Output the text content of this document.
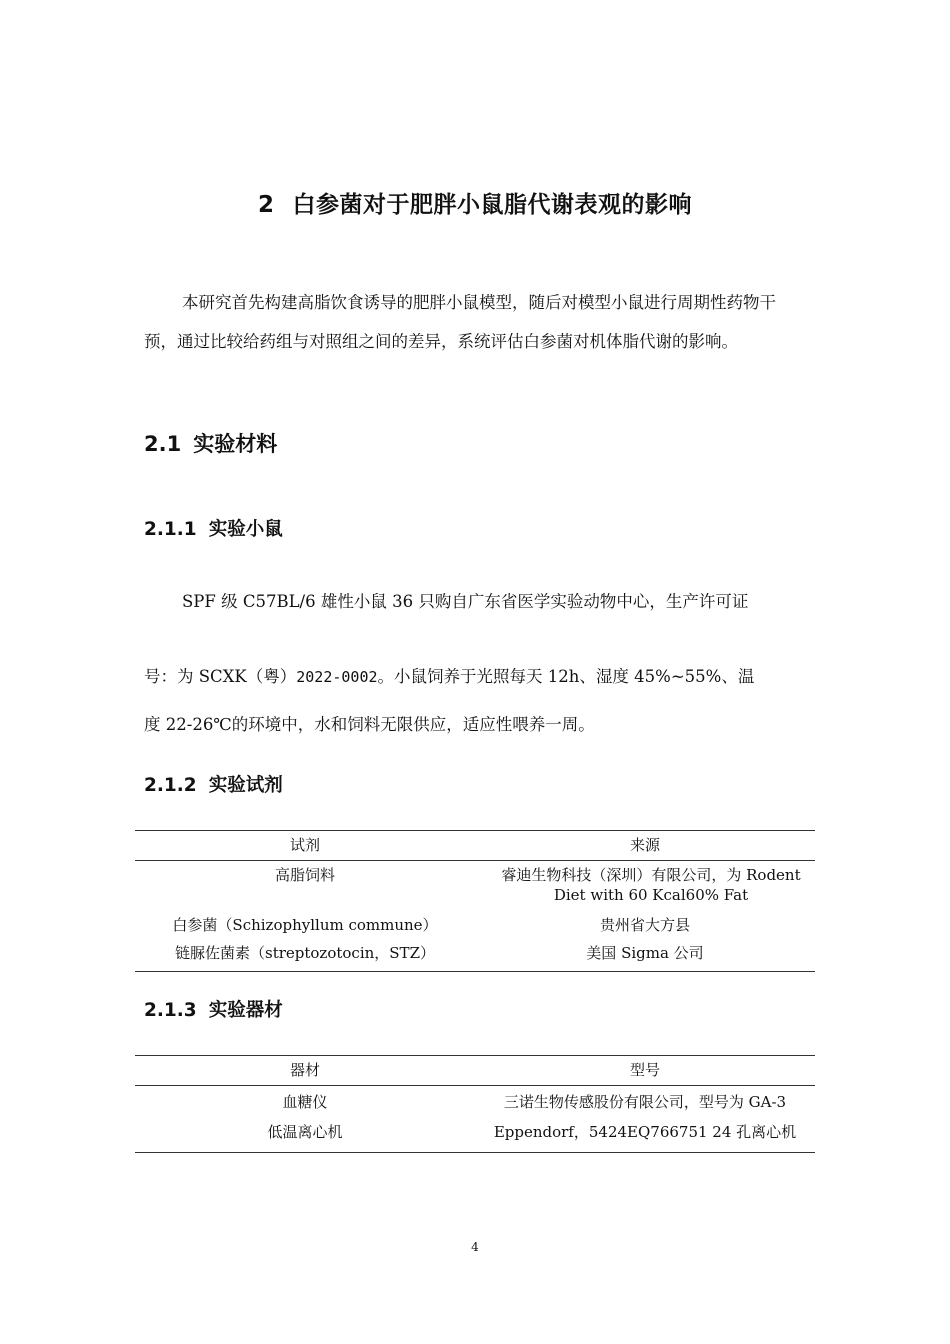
2 白参菌对于肥胖小鼠脂代谢表观的影响
本研究首先构建高脂饮食诱导的肥胖小鼠模型，随后对模型小鼠进行周期性药物干预，通过比较给药组与对照组之间的差异，系统评估白参菌对机体脂代谢的影响。
2.1 实验材料
2.1.1 实验小鼠
SPF 级 C57BL/6 雄性小鼠 36 只购自广东省医学实验动物中心，生产许可证
号：为 SCXK（粤）2022-0002。小鼠饲养于光照每天 12h、湿度 45%~55%、温
度 22-26℃的环境中，水和饲料无限供应，适应性喂养一周。
2.1.2 实验试剂
试剂	来源
高脂饲料	睿迪生物科技（深圳）有限公司，为 Rodent Diet with 60 Kcal60% Fat
白参菌（Schizophyllum commune）	贵州省大方县
链脲佐菌素（streptozotocin，STZ）	美国 Sigma 公司
2.1.3 实验器材
器材	型号
血糖仪	三诺生物传感股份有限公司，型号为 GA-3
低温离心机	Eppendorf，5424EQ766751 24 孔离心机
4
